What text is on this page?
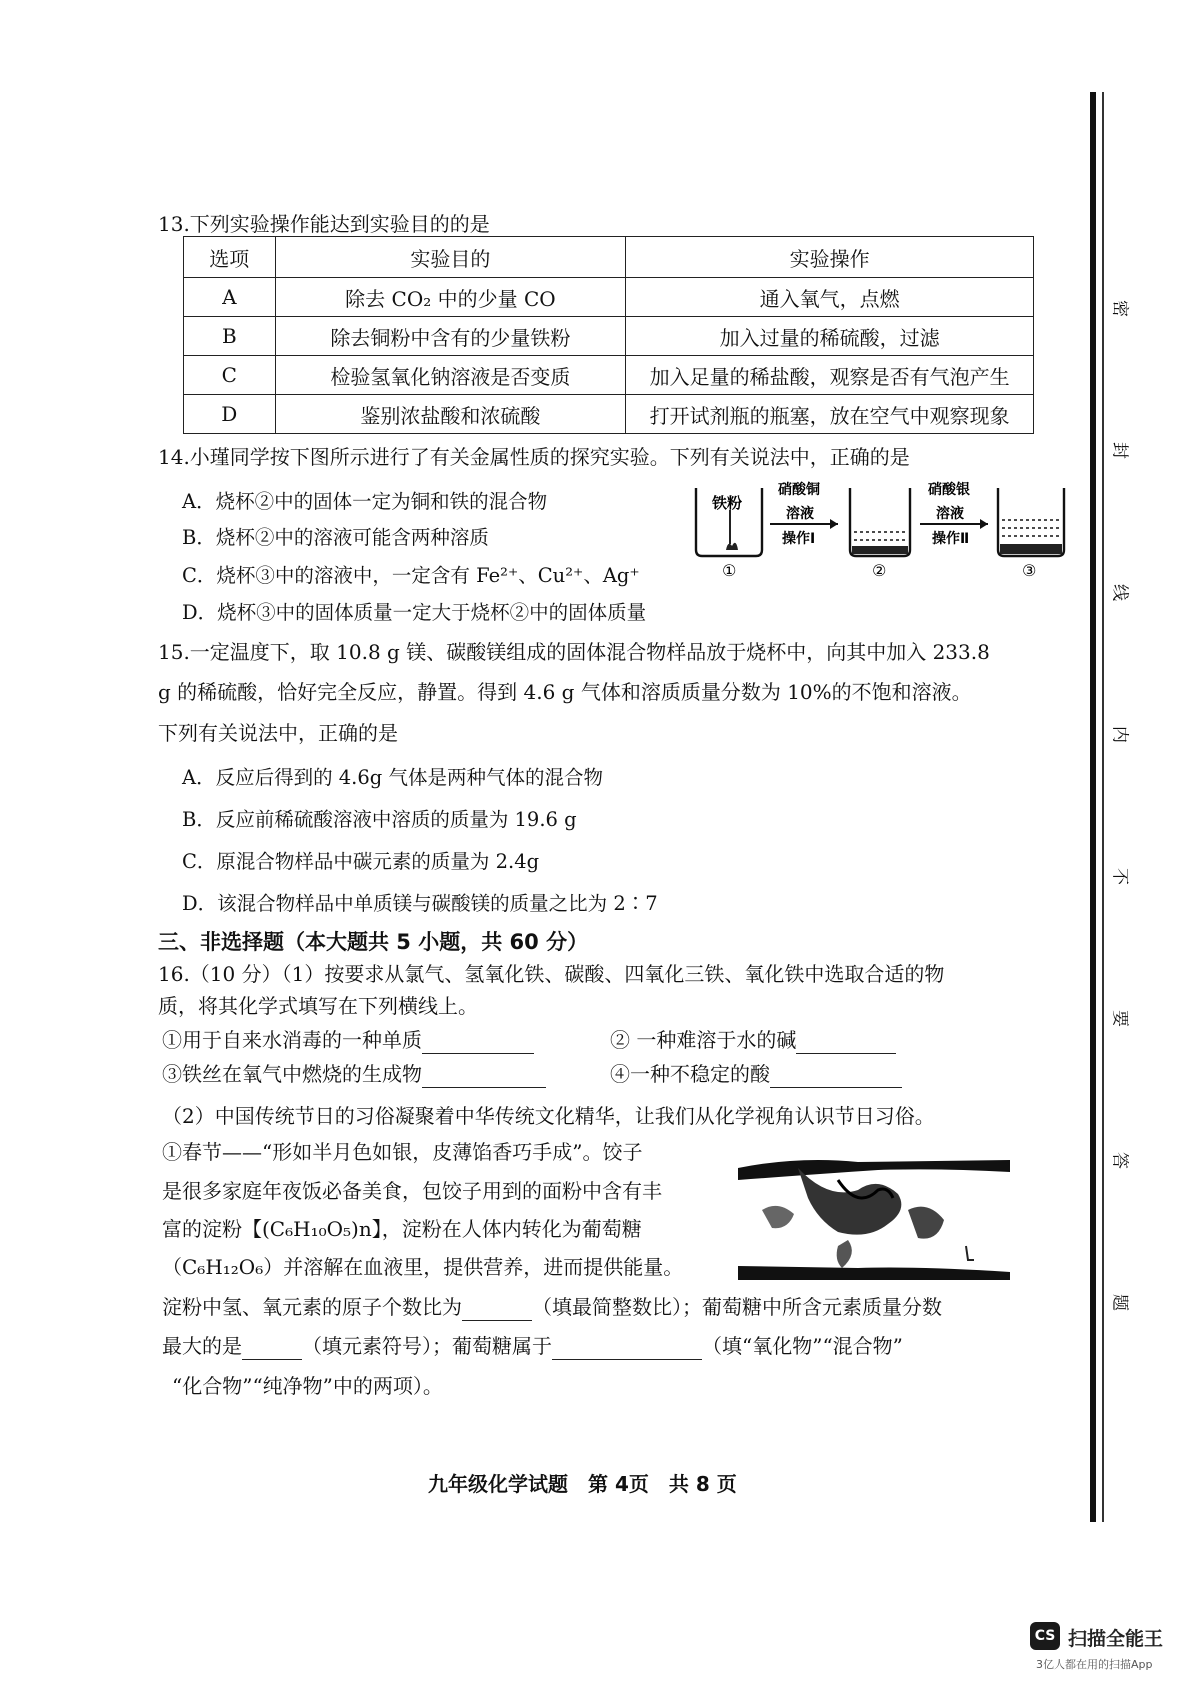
13.下列实验操作能达到实验目的的是
选项	实验目的	实验操作
A	除去 CO₂ 中的少量 CO	通入氧气，点燃
B	除去铜粉中含有的少量铁粉	加入过量的稀硫酸，过滤
C	检验氢氧化钠溶液是否变质	加入足量的稀盐酸，观察是否有气泡产生
D	鉴别浓盐酸和浓硫酸	打开试剂瓶的瓶塞，放在空气中观察现象
14.小瑾同学按下图所示进行了有关金属性质的探究实验。下列有关说法中，正确的是
A．烧杯②中的固体一定为铜和铁的混合物
B．烧杯②中的溶液可能含两种溶质
C．烧杯③中的溶液中，一定含有 Fe²⁺、Cu²⁺、Ag⁺
D．烧杯③中的固体质量一定大于烧杯②中的固体质量
铁粉
①
硝酸铜
溶液
操作Ⅰ
②
硝酸银
溶液
操作Ⅱ
③
15.一定温度下，取 10.8 g 镁、碳酸镁组成的固体混合物样品放于烧杯中，向其中加入 233.8
g 的稀硫酸，恰好完全反应，静置。得到 4.6 g 气体和溶质质量分数为 10%的不饱和溶液。
下列有关说法中，正确的是
A．反应后得到的 4.6g 气体是两种气体的混合物
B．反应前稀硫酸溶液中溶质的质量为 19.6 g
C．原混合物样品中碳元素的质量为 2.4g
D．该混合物样品中单质镁与碳酸镁的质量之比为 2∶7
三、非选择题（本大题共 5 小题，共 60 分）
16.（10 分）（1）按要求从氯气、氢氧化铁、碳酸、四氧化三铁、氧化铁中选取合适的物
质，将其化学式填写在下列横线上。
①用于自来水消毒的一种单质	② 一种难溶于水的碱
③铁丝在氧气中燃烧的生成物	④一种不稳定的酸
（2）中国传统节日的习俗凝聚着中华传统文化精华，让我们从化学视角认识节日习俗。
①春节——“形如半月色如银，皮薄馅香巧手成”。饺子
是很多家庭年夜饭必备美食，包饺子用到的面粉中含有丰
富的淀粉【(C₆H₁₀O₅)n】，淀粉在人体内转化为葡萄糖
（C₆H₁₂O₆）并溶解在血液里，提供营养，进而提供能量。
淀粉中氢、氧元素的原子个数比为	（填最简整数比）；葡萄糖中所含元素质量分数
最大的是	（填元素符号）；葡萄糖属于	（填“氧化物”“混合物”
“化合物”“纯净物”中的两项）。
九年级化学试题　第 4页　共 8 页
密
封
线
内
不
要
答
题
CS 扫描全能王
3亿人都在用的扫描App
